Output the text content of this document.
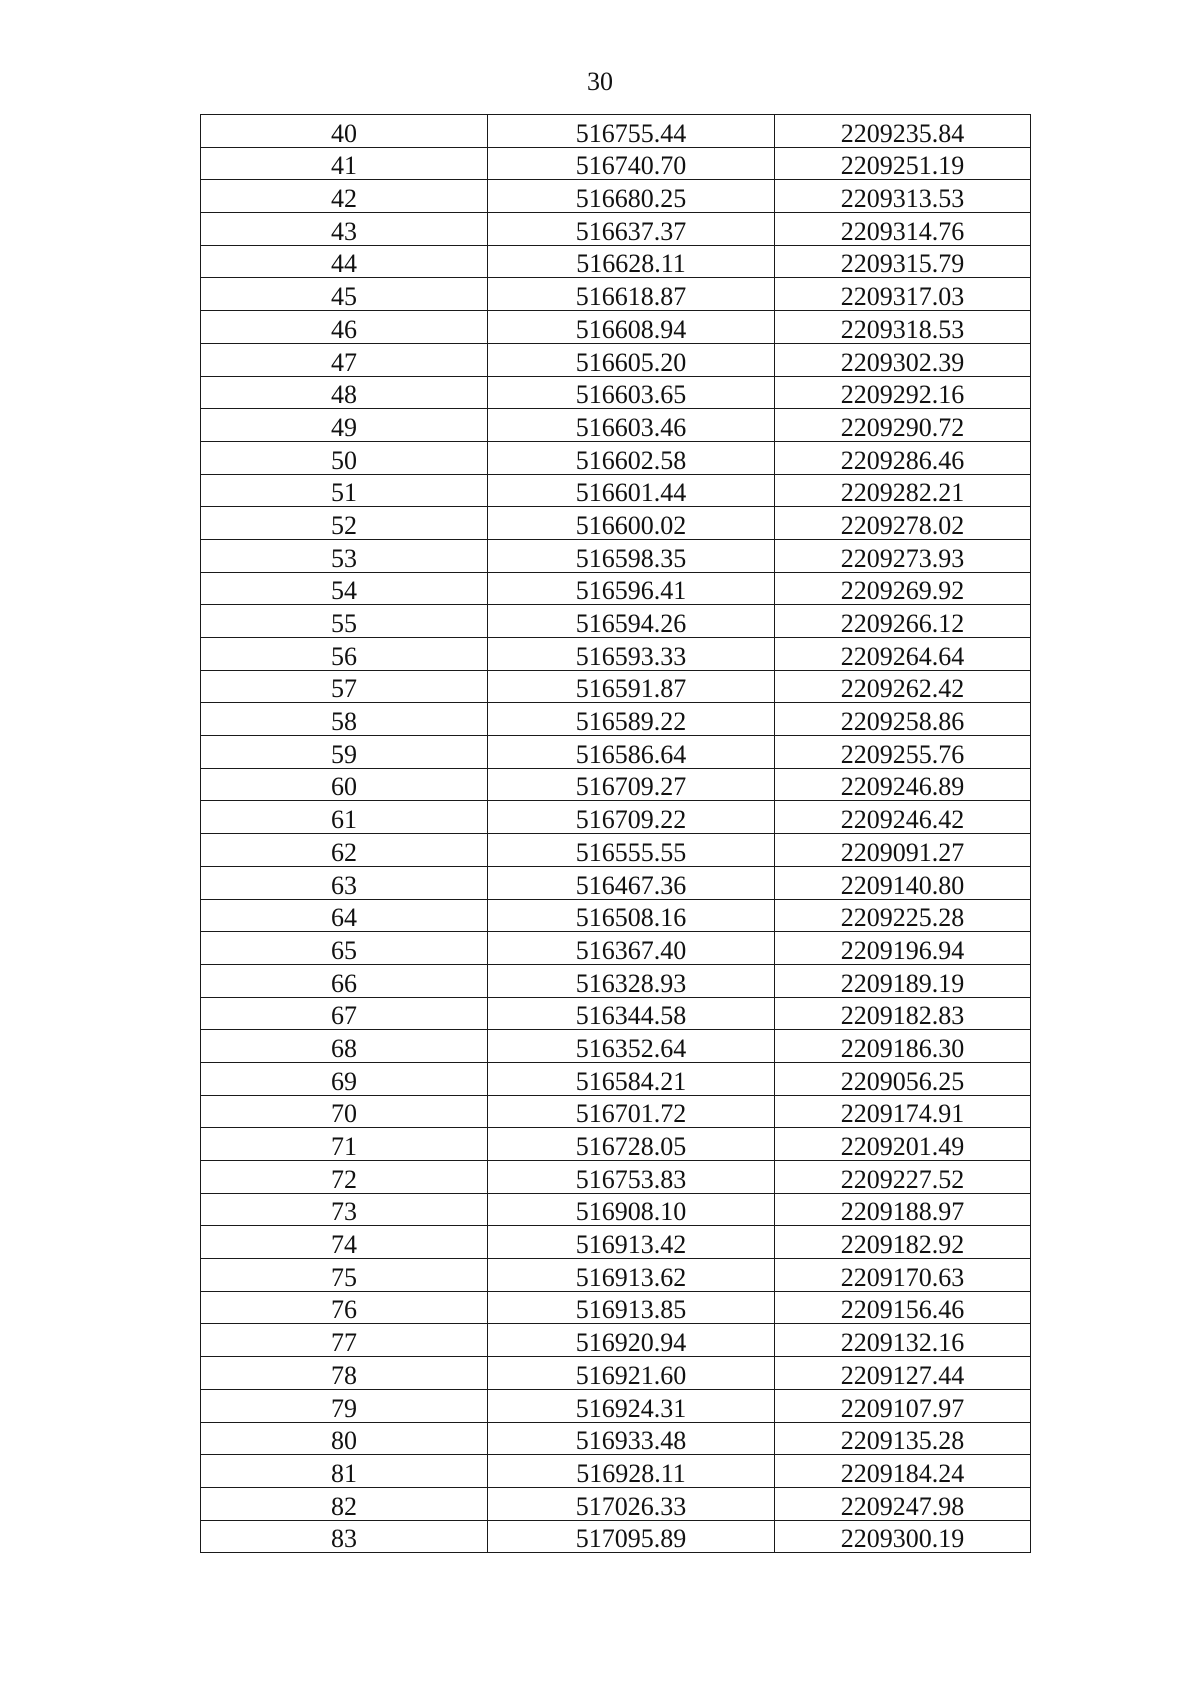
30
40	516755.44	2209235.84
41	516740.70	2209251.19
42	516680.25	2209313.53
43	516637.37	2209314.76
44	516628.11	2209315.79
45	516618.87	2209317.03
46	516608.94	2209318.53
47	516605.20	2209302.39
48	516603.65	2209292.16
49	516603.46	2209290.72
50	516602.58	2209286.46
51	516601.44	2209282.21
52	516600.02	2209278.02
53	516598.35	2209273.93
54	516596.41	2209269.92
55	516594.26	2209266.12
56	516593.33	2209264.64
57	516591.87	2209262.42
58	516589.22	2209258.86
59	516586.64	2209255.76
60	516709.27	2209246.89
61	516709.22	2209246.42
62	516555.55	2209091.27
63	516467.36	2209140.80
64	516508.16	2209225.28
65	516367.40	2209196.94
66	516328.93	2209189.19
67	516344.58	2209182.83
68	516352.64	2209186.30
69	516584.21	2209056.25
70	516701.72	2209174.91
71	516728.05	2209201.49
72	516753.83	2209227.52
73	516908.10	2209188.97
74	516913.42	2209182.92
75	516913.62	2209170.63
76	516913.85	2209156.46
77	516920.94	2209132.16
78	516921.60	2209127.44
79	516924.31	2209107.97
80	516933.48	2209135.28
81	516928.11	2209184.24
82	517026.33	2209247.98
83	517095.89	2209300.19
